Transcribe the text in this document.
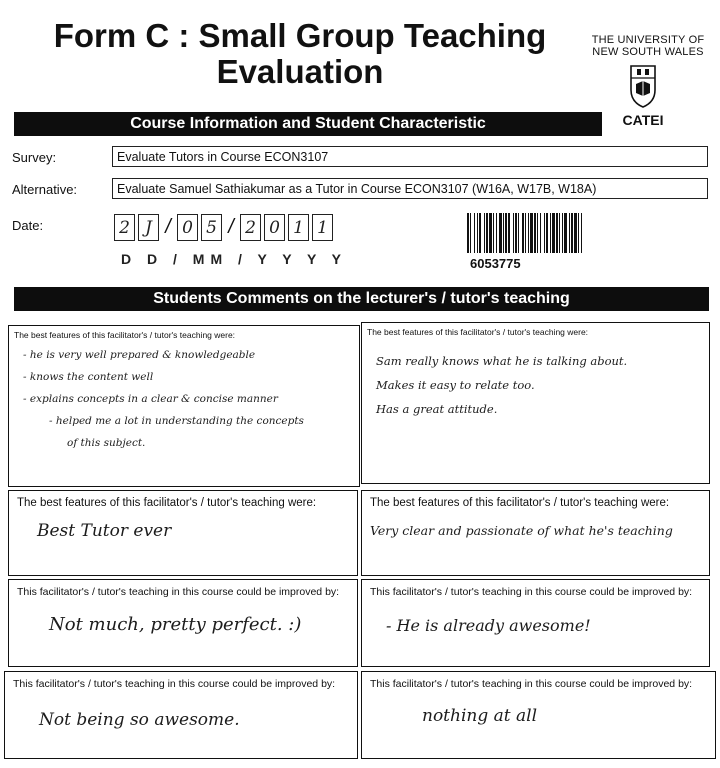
Form C : Small Group Teaching
Evaluation
THE UNIVERSITY OF
NEW SOUTH WALES
CATEI
Course Information and Student Characteristic
Survey:	Evaluate Tutors in Course ECON3107
Alternative:	Evaluate Samuel Sathiakumar as a Tutor in Course ECON3107 (W16A, W17B, W18A)
Date:	2 J / 0 5 / 2 0 1 1
D D / MM / Y Y Y Y	6053775
Students Comments on the lecturer's / tutor's teaching
The best features of this facilitator's / tutor's teaching were:
- he is very well prepared & knowledgeable
- knows the content well
- explains concepts in a clear & concise manner
- helped me a lot in understanding the concepts
of this subject.
The best features of this facilitator's / tutor's teaching were:
Sam really knows what he is talking about.
Makes it easy to relate too.
Has a great attitude.
The best features of this facilitator's / tutor's teaching were:
Best Tutor ever
The best features of this facilitator's / tutor's teaching were:
Very clear and passionate of what he's teaching
This facilitator's / tutor's teaching in this course could be improved by:
Not much, pretty perfect. :)
This facilitator's / tutor's teaching in this course could be improved by:
- He is already awesome!
This facilitator's / tutor's teaching in this course could be improved by:
Not being so awesome.
This facilitator's / tutor's teaching in this course could be improved by:
nothing at all
